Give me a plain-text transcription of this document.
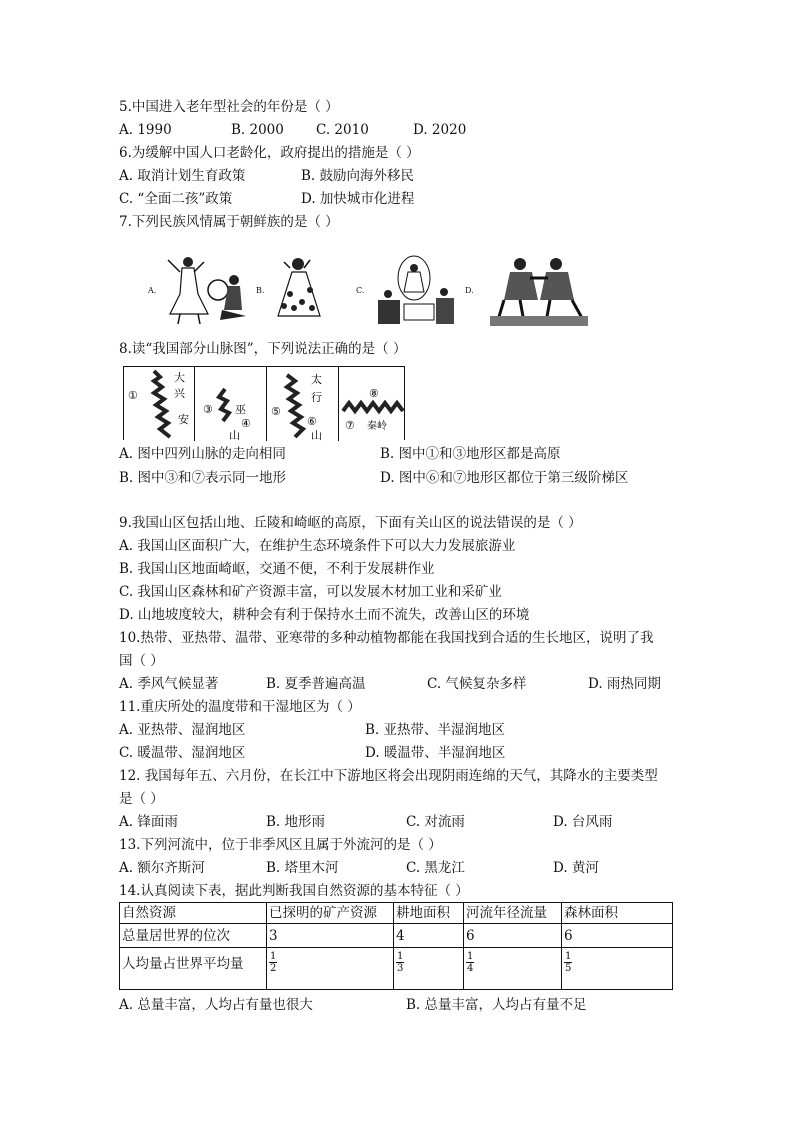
5.中国进入老年型社会的年份是（ ）
A. 1990	B. 2000 C. 2010	D. 2020
6.为缓解中国人口老龄化，政府提出的措施是（ ）
A. 取消计划生育政策	B. 鼓励向海外移民
C. “全面二孩”政策	D. 加快城市化进程
7.下列民族风情属于朝鲜族的是（ ）
A.	B.	C.	D.
8.读“我国部分山脉图”，下列说法正确的是（ ）
①
大
兴
安
③ 巫
④
山
⑤
太
行
⑥
山
⑧
⑦ 秦岭
A. 图中四列山脉的走向相同	B. 图中①和③地形区都是高原
B. 图中③和⑦表示同一地形	D. 图中⑥和⑦地形区都位于第三级阶梯区
9.我国山区包括山地、丘陵和崎岖的高原，下面有关山区的说法错误的是（ ）
A. 我国山区面积广大，在维护生态环境条件下可以大力发展旅游业
B. 我国山区地面崎岖，交通不便，不利于发展耕作业
C. 我国山区森林和矿产资源丰富，可以发展木材加工业和采矿业
D. 山地坡度较大，耕种会有利于保持水土而不流失，改善山区的环境
10.热带、亚热带、温带、亚寒带的多种动植物都能在我国找到合适的生长地区，说明了我
国（ ）
A. 季风气候显著	B. 夏季普遍高温	C. 气候复杂多样	D. 雨热同期
11.重庆所处的温度带和干湿地区为（ ）
A. 亚热带、湿润地区	B. 亚热带、半湿润地区
C. 暖温带、湿润地区	D. 暖温带、半湿润地区
12. 我国每年五、六月份，在长江中下游地区将会出现阴雨连绵的天气，其降水的主要类型
是（ ）
A. 锋面雨	B. 地形雨	C. 对流雨	D. 台风雨
13.下列河流中，位于非季风区且属于外流河的是（ ）
A. 额尔齐斯河	B. 塔里木河	C. 黑龙江	D. 黄河
14.认真阅读下表，据此判断我国自然资源的基本特征（ ）
自然资源	已探明的矿产资源	耕地面积	河流年径流量	森林面积
总量居世界的位次	3	4	6	6
人均量占世界平均量	$\frac{1}{2}$	$\frac{1}{3}$	$\frac{1}{4}$	$\frac{1}{5}$
A. 总量丰富，人均占有量也很大	B. 总量丰富，人均占有量不足
